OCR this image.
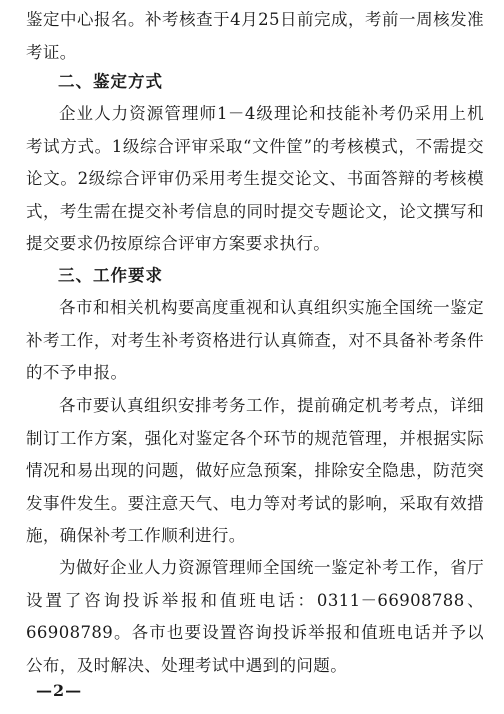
鉴定中心报名。补考核查于4月25日前完成，考前一周核发准考证。

二、鉴定方式

企业人力资源管理师1－4级理论和技能补考仍采用上机考试方式。1级综合评审采取“文件筐”的考核模式，不需提交论文。2级综合评审仍采用考生提交论文、书面答辩的考核模式，考生需在提交补考信息的同时提交专题论文，论文撰写和提交要求仍按原综合评审方案要求执行。

三、工作要求

各市和相关机构要高度重视和认真组织实施全国统一鉴定补考工作，对考生补考资格进行认真筛查，对不具备补考条件的不予申报。

各市要认真组织安排考务工作，提前确定机考考点，详细制订工作方案，强化对鉴定各个环节的规范管理，并根据实际情况和易出现的问题，做好应急预案，排除安全隐患，防范突发事件发生。要注意天气、电力等对考试的影响，采取有效措施，确保补考工作顺利进行。

为做好企业人力资源管理师全国统一鉴定补考工作，省厅设置了咨询投诉举报和值班电话：0311－66908788、66908789。各市也要设置咨询投诉举报和值班电话并予以公布，及时解决、处理考试中遇到的问题。

—2—
